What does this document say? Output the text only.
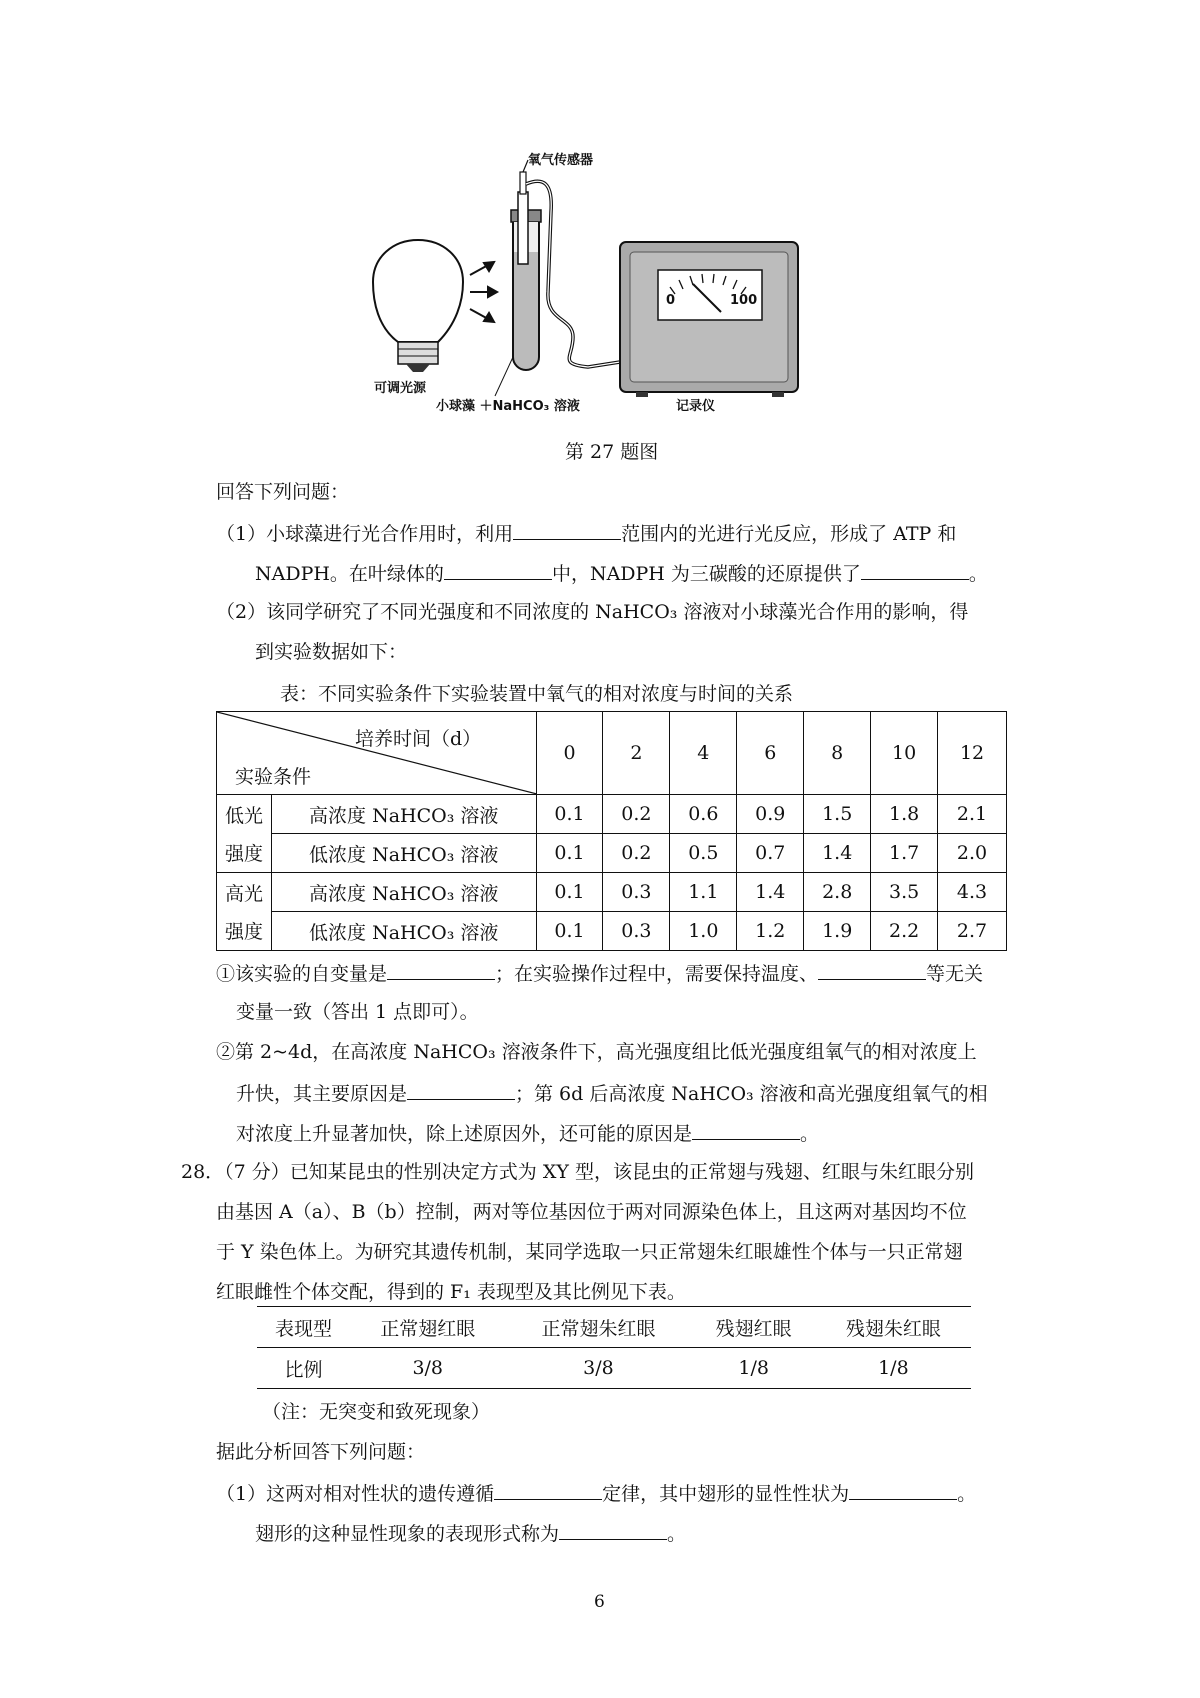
0	100
氧气传感器
可调光源
小球藻 ＋NaHCO₃ 溶液	记录仪
第 27 题图
回答下列问题：
（1）小球藻进行光合作用时，利用	范围内的光进行光反应，形成了 ATP 和
NADPH。在叶绿体的	中，NADPH 为三碳酸的还原提供了	。
（2）该同学研究了不同光强度和不同浓度的 NaHCO₃ 溶液对小球藻光合作用的影响，得
到实验数据如下：
表：不同实验条件下实验装置中氧气的相对浓度与时间的关系
培养时间（d）
实验条件		0	2	4	6	8	10	12
低光	高浓度 NaHCO₃ 溶液	0.1	0.2	0.6	0.9	1.5	1.8	2.1
强度	低浓度 NaHCO₃ 溶液	0.1	0.2	0.5	0.7	1.4	1.7	2.0
高光	高浓度 NaHCO₃ 溶液	0.1	0.3	1.1	1.4	2.8	3.5	4.3
强度	低浓度 NaHCO₃ 溶液	0.1	0.3	1.0	1.2	1.9	2.2	2.7
①该实验的自变量是	；在实验操作过程中，需要保持温度、	等无关
变量一致（答出 1 点即可）。
②第 2~4d，在高浓度 NaHCO₃ 溶液条件下，高光强度组比低光强度组氧气的相对浓度上
升快，其主要原因是	；第 6d 后高浓度 NaHCO₃ 溶液和高光强度组氧气的相
对浓度上升显著加快，除上述原因外，还可能的原因是	。
28．（7 分）已知某昆虫的性别决定方式为 XY 型，该昆虫的正常翅与残翅、红眼与朱红眼分别
由基因 A（a）、B（b）控制，两对等位基因位于两对同源染色体上，且这两对基因均不位
于 Y 染色体上。为研究其遗传机制，某同学选取一只正常翅朱红眼雄性个体与一只正常翅
红眼雌性个体交配，得到的 F₁ 表现型及其比例见下表。
表现型	正常翅红眼	正常翅朱红眼	残翅红眼	残翅朱红眼
比例	3/8	3/8	1/8	1/8
（注：无突变和致死现象）
据此分析回答下列问题：
（1）这两对相对性状的遗传遵循	定律，其中翅形的显性性状为	。
翅形的这种显性现象的表现形式称为	。
6
